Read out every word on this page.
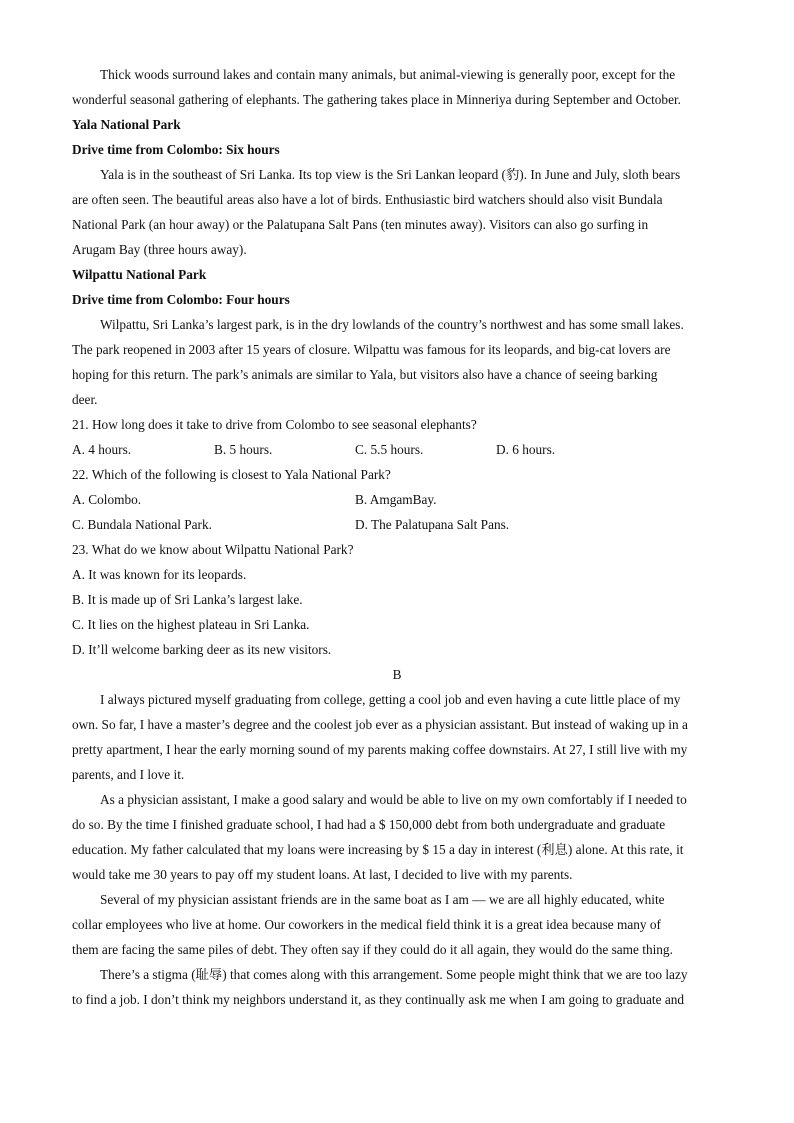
Thick woods surround lakes and contain many animals, but animal-viewing is generally poor, except for the
wonderful seasonal gathering of elephants. The gathering takes place in Minneriya during September and October.
Yala National Park
Drive time from Colombo: Six hours
Yala is in the southeast of Sri Lanka. Its top view is the Sri Lankan leopard (豹). In June and July, sloth bears
are often seen. The beautiful areas also have a lot of birds. Enthusiastic bird watchers should also visit Bundala
National Park (an hour away) or the Palatupana Salt Pans (ten minutes away). Visitors can also go surfing in
Arugam Bay (three hours away).
Wilpattu National Park
Drive time from Colombo: Four hours
Wilpattu, Sri Lanka’s largest park, is in the dry lowlands of the country’s northwest and has some small lakes.
The park reopened in 2003 after 15 years of closure. Wilpattu was famous for its leopards, and big-cat lovers are
hoping for this return. The park’s animals are similar to Yala, but visitors also have a chance of seeing barking
deer.
21. How long does it take to drive from Colombo to see seasonal elephants?
A. 4 hours.	B. 5 hours.	C. 5.5 hours.	D. 6 hours.
22. Which of the following is closest to Yala National Park?
A. Colombo.	B. AmgamBay.
C. Bundala National Park.	D. The Palatupana Salt Pans.
23. What do we know about Wilpattu National Park?
A. It was known for its leopards.
B. It is made up of Sri Lanka’s largest lake.
C. It lies on the highest plateau in Sri Lanka.
D. It’ll welcome barking deer as its new visitors.
B
I always pictured myself graduating from college, getting a cool job and even having a cute little place of my
own. So far, I have a master’s degree and the coolest job ever as a physician assistant. But instead of waking up in a
pretty apartment, I hear the early morning sound of my parents making coffee downstairs. At 27, I still live with my
parents, and I love it.
As a physician assistant, I make a good salary and would be able to live on my own comfortably if I needed to
do so. By the time I finished graduate school, I had had a $ 150,000 debt from both undergraduate and graduate
education. My father calculated that my loans were increasing by $ 15 a day in interest (利息) alone. At this rate, it
would take me 30 years to pay off my student loans. At last, I decided to live with my parents.
Several of my physician assistant friends are in the same boat as I am — we are all highly educated, white
collar employees who live at home. Our coworkers in the medical field think it is a great idea because many of
them are facing the same piles of debt. They often say if they could do it all again, they would do the same thing.
There’s a stigma (耻辱) that comes along with this arrangement. Some people might think that we are too lazy
to find a job. I don’t think my neighbors understand it, as they continually ask me when I am going to graduate and
